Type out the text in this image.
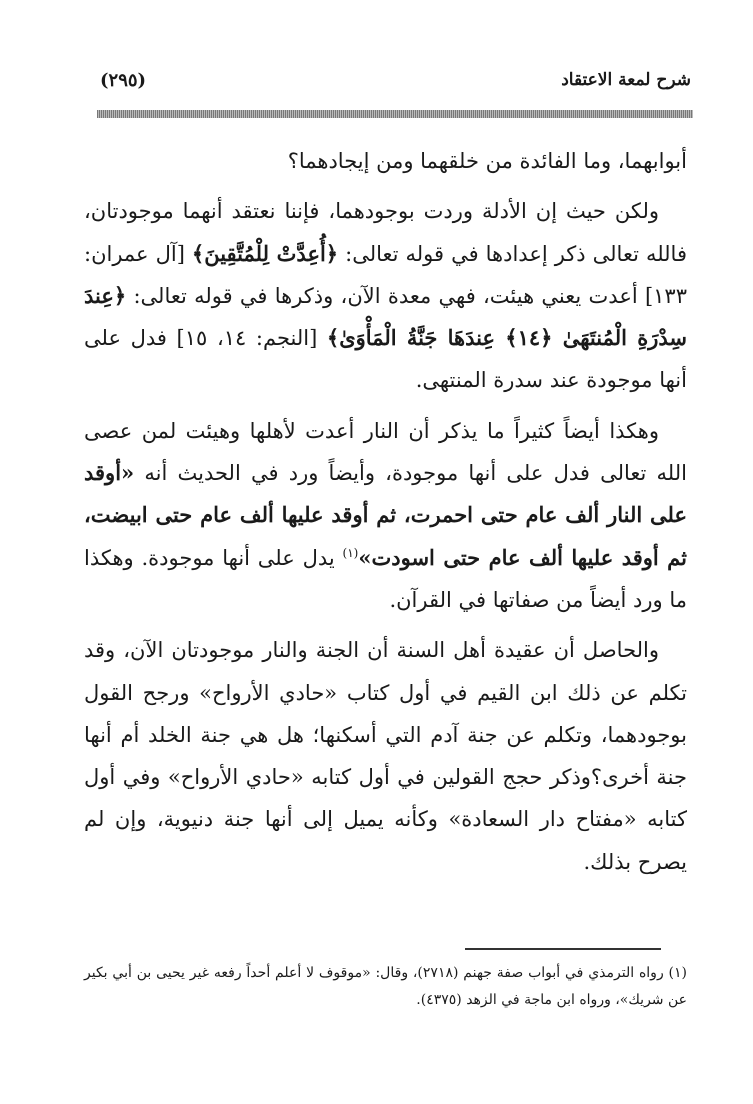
شرح لمعة الاعتقاد
(٢٩٥)

أبوابهما، وما الفائدة من خلقهما ومن إيجادهما؟

ولكن حيث إن الأدلة وردت بوجودهما، فإننا نعتقد أنهما موجودتان، فالله تعالى ذكر إعدادها في قوله تعالى: ﴿أُعِدَّتْ لِلْمُتَّقِينَ﴾ [آل عمران: ١٣٣] أعدت يعني هيئت، فهي معدة الآن، وذكرها في قوله تعالى: ﴿عِندَ سِدْرَةِ الْمُنتَهَىٰ ﴿١٤﴾ عِندَهَا جَنَّةُ الْمَأْوَىٰ﴾ [النجم: ١٤، ١٥] فدل على أنها موجودة عند سدرة المنتهى.

وهكذا أيضاً كثيراً ما يذكر أن النار أعدت لأهلها وهيئت لمن عصى الله تعالى فدل على أنها موجودة، وأيضاً ورد في الحديث أنه «أوقد على النار ألف عام حتى احمرت، ثم أوقد عليها ألف عام حتى ابيضت، ثم أوقد عليها ألف عام حتى اسودت»$^{(١)}$ يدل على أنها موجودة. وهكذا ما ورد أيضاً من صفاتها في القرآن.

والحاصل أن عقيدة أهل السنة أن الجنة والنار موجودتان الآن، وقد تكلم عن ذلك ابن القيم في أول كتاب «حادي الأرواح» ورجح القول بوجودهما، وتكلم عن جنة آدم التي أسكنها؛ هل هي جنة الخلد أم أنها جنة أخرى؟وذكر حجج القولين في أول كتابه «حادي الأرواح» وفي أول كتابه «مفتاح دار السعادة» وكأنه يميل إلى أنها جنة دنيوية، وإن لم يصرح بذلك.

(١) رواه الترمذي في أبواب صفة جهنم (٢٧١٨)، وقال: «موقوف لا أعلم أحداً رفعه غير يحيى بن أبي بكير عن شريك»، ورواه ابن ماجة في الزهد (٤٣٧٥).
